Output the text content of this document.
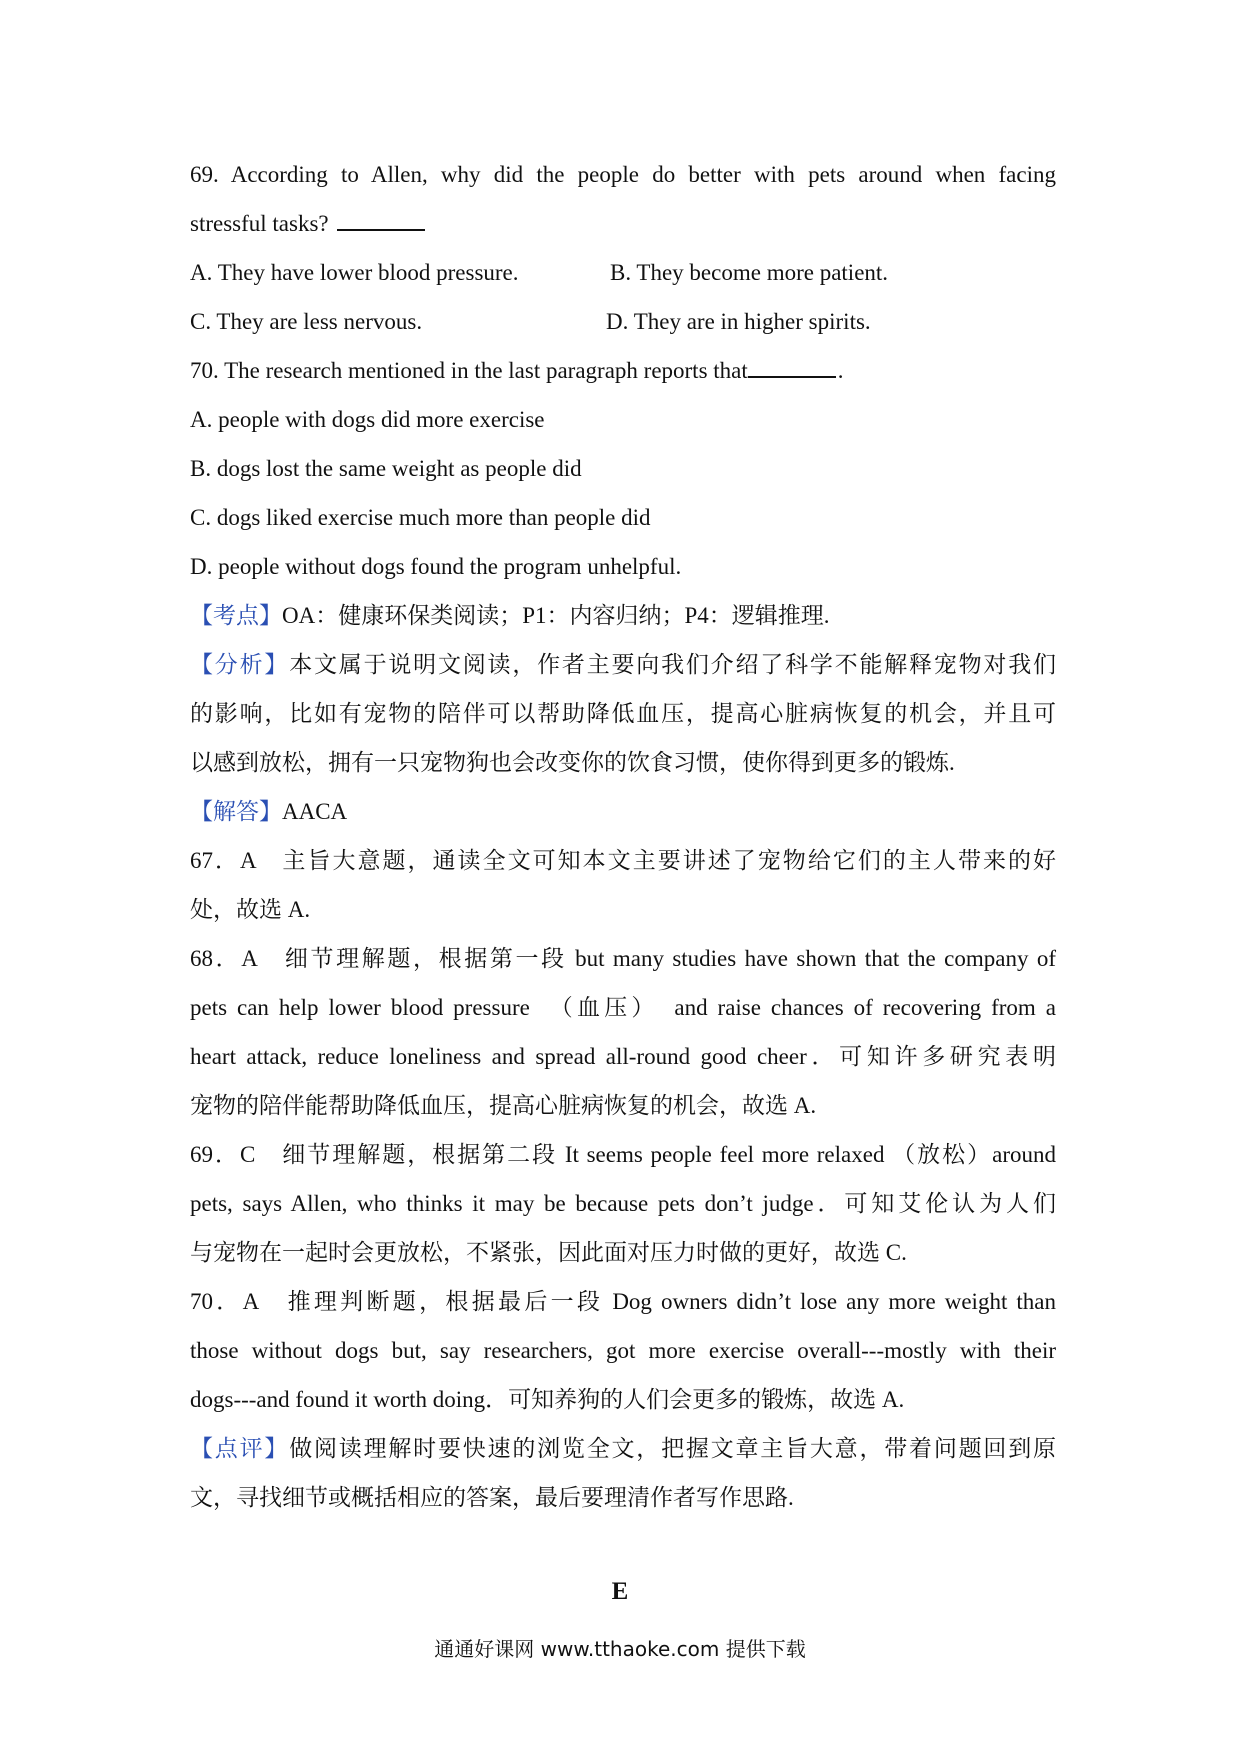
69. According to Allen, why did the people do better with pets around when facing
stressful tasks?
A. They have lower blood pressure.	B. They become more patient.
C. They are less nervous.	D. They are in higher spirits.
70. The research mentioned in the last paragraph reports that	.
A. people with dogs did more exercise
B. dogs lost the same weight as people did
C. dogs liked exercise much more than people did
D. people without dogs found the program unhelpful.
【考点】OA：健康环保类阅读；P1：内容归纳；P4：逻辑推理.
【分析】本文属于说明文阅读，作者主要向我们介绍了科学不能解释宠物对我们
的影响，比如有宠物的陪伴可以帮助降低血压，提高心脏病恢复的机会，并且可
以感到放松，拥有一只宠物狗也会改变你的饮食习惯，使你得到更多的锻炼.
【解答】AACA
67．A　主旨大意题，通读全文可知本文主要讲述了宠物给它们的主人带来的好
处，故选 A.
68．A　细节理解题，根据第一段 but many studies have shown that the company of
pets can help lower blood pressure　（血压）　and raise chances of recovering from a
heart attack, reduce loneliness and spread all-round good cheer．可知许多研究表明
宠物的陪伴能帮助降低血压，提高心脏病恢复的机会，故选 A.
69．C　细节理解题，根据第二段 It seems people feel more relaxed （放松）around
pets, says Allen, who thinks it may be because pets don’t judge．可知艾伦认为人们
与宠物在一起时会更放松，不紧张，因此面对压力时做的更好，故选 C.
70．A　推理判断题，根据最后一段 Dog owners didn’t lose any more weight than
those without dogs but, say researchers, got more exercise overall---mostly with their
dogs---and found it worth doing．可知养狗的人们会更多的锻炼，故选 A.
【点评】做阅读理解时要快速的浏览全文，把握文章主旨大意，带着问题回到原
文，寻找细节或概括相应的答案，最后要理清作者写作思路.
E
通通好课网 www.tthaoke.com 提供下载
